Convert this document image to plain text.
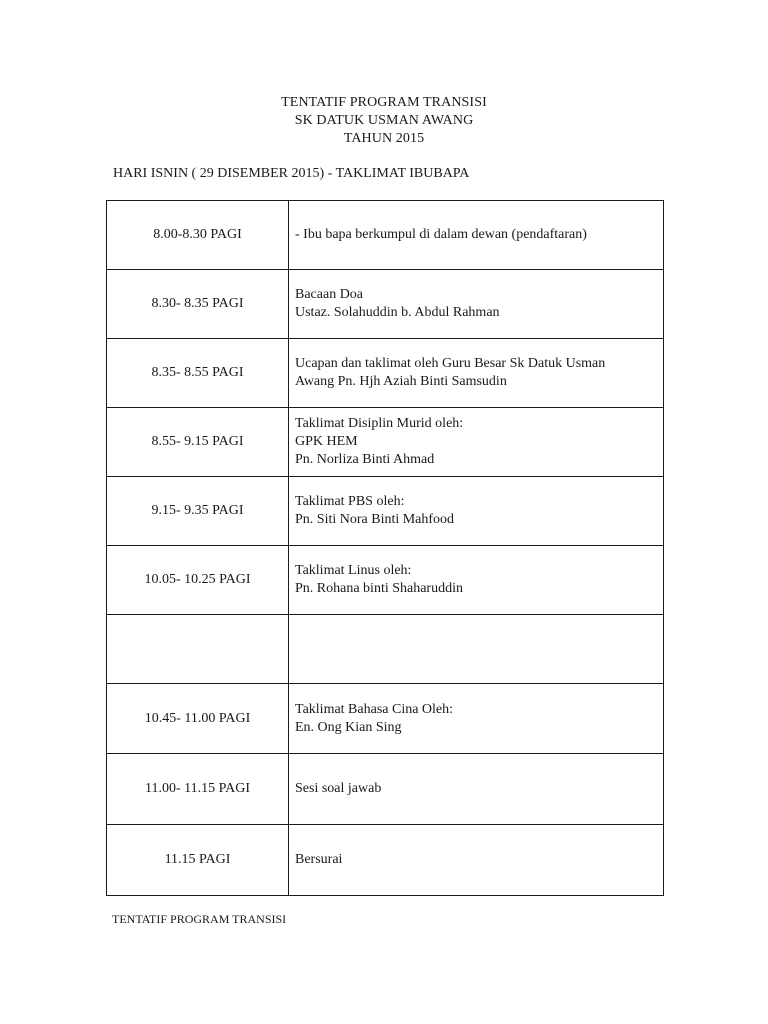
TENTATIF PROGRAM TRANSISI
SK DATUK USMAN AWANG
TAHUN 2015
HARI ISNIN ( 29 DISEMBER 2015) - TAKLIMAT IBUBAPA
8.00-8.30 PAGI	- Ibu bapa berkumpul di dalam dewan (pendaftaran)

8.30- 8.35 PAGI	Bacaan Doa
Ustaz. Solahuddin b. Abdul Rahman

8.35- 8.55 PAGI	Ucapan dan taklimat oleh Guru Besar Sk Datuk Usman
Awang Pn. Hjh Aziah Binti Samsudin

8.55- 9.15 PAGI	Taklimat Disiplin Murid oleh:
GPK HEM
Pn. Norliza Binti Ahmad

9.15- 9.35 PAGI	Taklimat PBS oleh:
Pn. Siti Nora Binti Mahfood

10.05- 10.25 PAGI	Taklimat Linus oleh:
Pn. Rohana binti Shaharuddin

10.45- 11.00 PAGI	Taklimat Bahasa Cina Oleh:
En. Ong Kian Sing

11.00- 11.15 PAGI	Sesi soal jawab

11.15 PAGI	Bersurai
TENTATIF PROGRAM TRANSISI
